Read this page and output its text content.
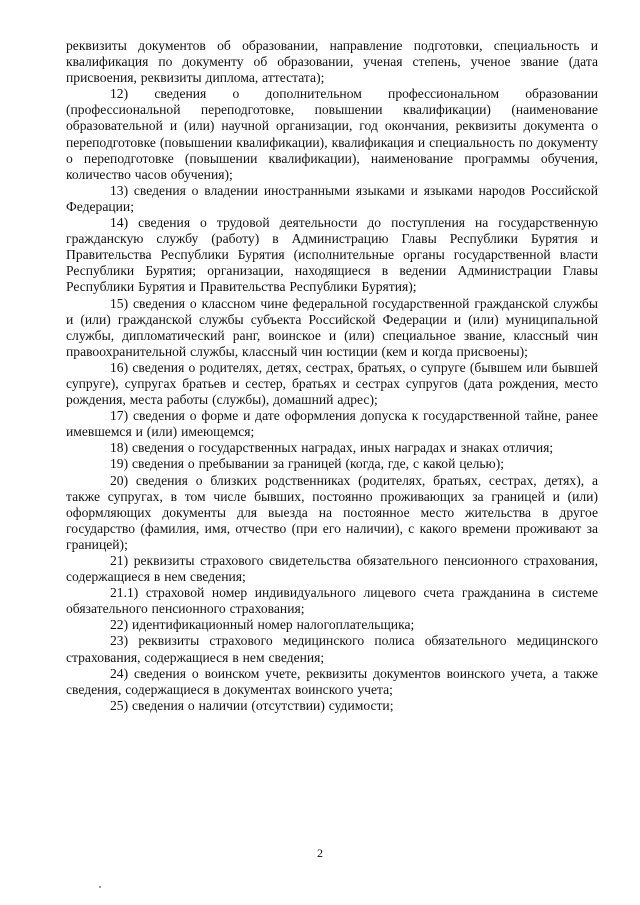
реквизиты документов об образовании, направление подготовки, специальность и квалификация по документу об образовании, ученая степень, ученое звание (дата присвоения, реквизиты диплома, аттестата);

12) сведения о дополнительном профессиональном образовании (профессиональной переподготовке, повышении квалификации) (наименование образовательной и (или) научной организации, год окончания, реквизиты документа о переподготовке (повышении квалификации), квалификация и специальность по документу о переподготовке (повышении квалификации), наименование программы обучения, количество часов обучения);

13) сведения о владении иностранными языками и языками народов Российской Федерации;

14) сведения о трудовой деятельности до поступления на государственную гражданскую службу (работу) в Администрацию Главы Республики Бурятия и Правительства Республики Бурятия (исполнительные органы государственной власти Республики Бурятия; организации, находящиеся в ведении Администрации Главы Республики Бурятия и Правительства Республики Бурятия);

15) сведения о классном чине федеральной государственной гражданской службы и (или) гражданской службы субъекта Российской Федерации и (или) муниципальной службы, дипломатический ранг, воинское и (или) специальное звание, классный чин правоохранительной службы, классный чин юстиции (кем и когда присвоены);

16) сведения о родителях, детях, сестрах, братьях, о супруге (бывшем или бывшей супруге), супругах братьев и сестер, братьях и сестрах супругов (дата рождения, место рождения, места работы (службы), домашний адрес);

17) сведения о форме и дате оформления допуска к государственной тайне, ранее имевшемся и (или) имеющемся;

18) сведения о государственных наградах, иных наградах и знаках отличия;

19) сведения о пребывании за границей (когда, где, с какой целью);

20) сведения о близких родственниках (родителях, братьях, сестрах, детях), а также супругах, в том числе бывших, постоянно проживающих за границей и (или) оформляющих документы для выезда на постоянное место жительства в другое государство (фамилия, имя, отчество (при его наличии), с какого времени проживают за границей);

21) реквизиты страхового свидетельства обязательного пенсионного страхования, содержащиеся в нем сведения;

21.1) страховой номер индивидуального лицевого счета гражданина в системе обязательного пенсионного страхования;

22) идентификационный номер налогоплательщика;

23) реквизиты страхового медицинского полиса обязательного медицинского страхования, содержащиеся в нем сведения;

24) сведения о воинском учете, реквизиты документов воинского учета, а также сведения, содержащиеся в документах воинского учета;

25) сведения о наличии (отсутствии) судимости;

2
